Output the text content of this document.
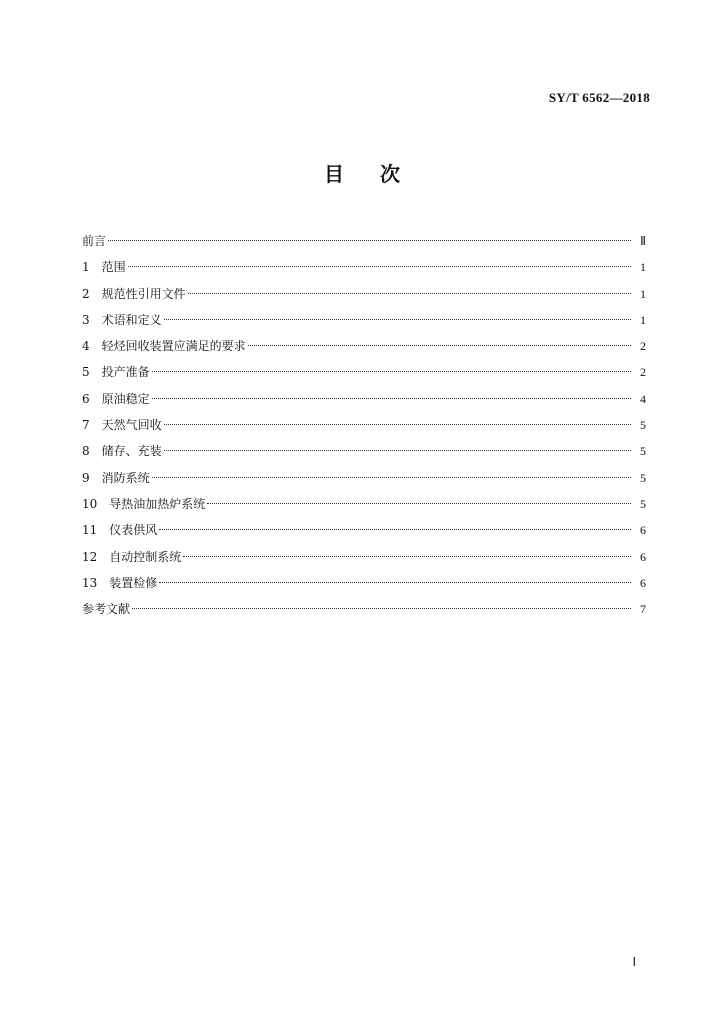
SY/T 6562—2018
目 次
前言	Ⅱ
1 范围	1
2 规范性引用文件	1
3 术语和定义	1
4 轻烃回收装置应满足的要求	2
5 投产准备	2
6 原油稳定	4
7 天然气回收	5
8 储存、充装	5
9 消防系统	5
10 导热油加热炉系统	5
11 仪表供风	6
12 自动控制系统	6
13 装置检修	6
参考文献	7
Ⅰ
